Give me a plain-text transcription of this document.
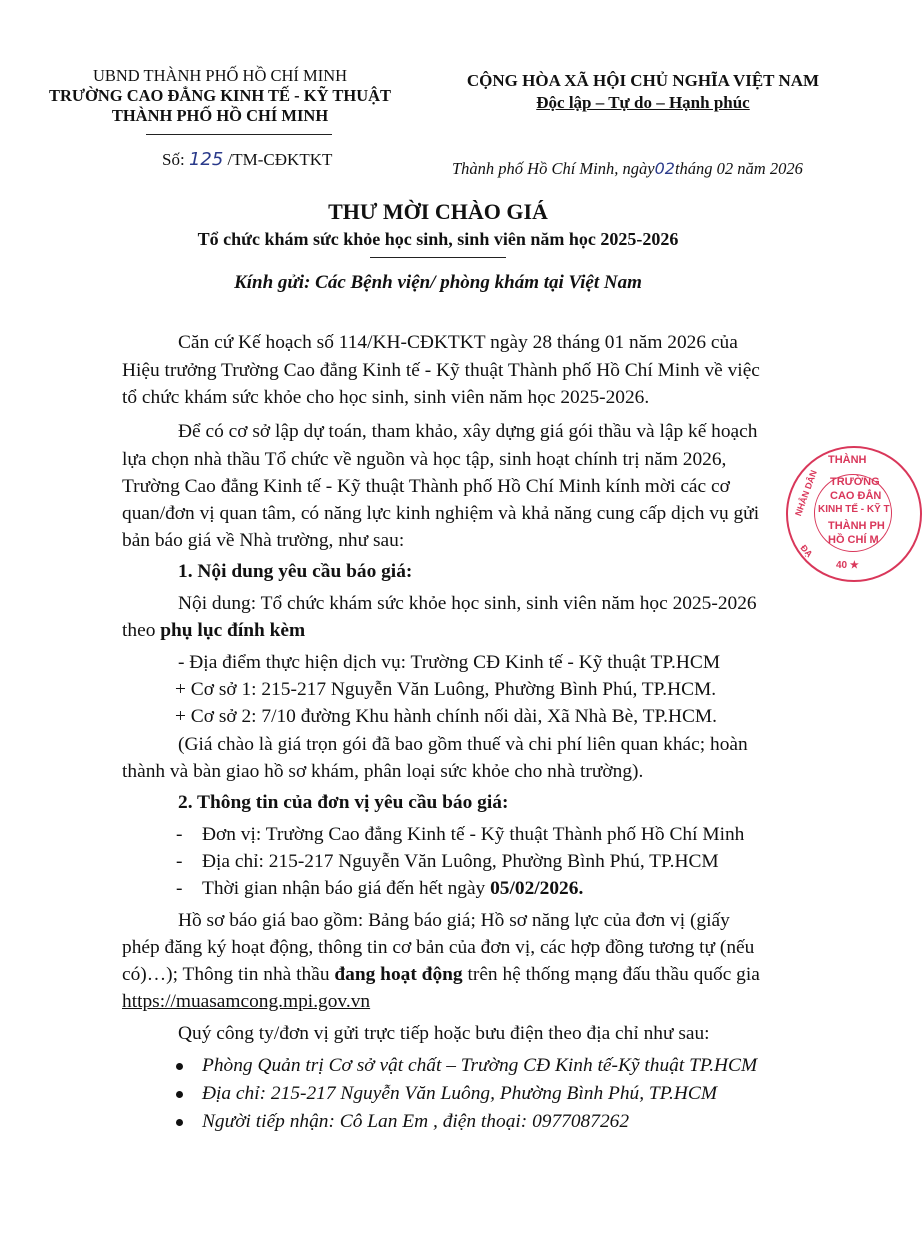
UBND THÀNH PHỐ HỒ CHÍ MINH
TRƯỜNG CAO ĐẲNG KINH TẾ - KỸ THUẬT
THÀNH PHỐ HỒ CHÍ MINH
CỘNG HÒA XÃ HỘI CHỦ NGHĨA VIỆT NAM
Độc lập – Tự do – Hạnh phúc
Số: 125 /TM-CĐKTKT	Thành phố Hồ Chí Minh, ngày02tháng 02 năm 2026
THƯ MỜI CHÀO GIÁ
Tổ chức khám sức khỏe học sinh, sinh viên năm học 2025-2026
Kính gửi: Các Bệnh viện/ phòng khám tại Việt Nam
Căn cứ Kế hoạch số 114/KH-CĐKTKT ngày 28 tháng 01 năm 2026 của
Hiệu trưởng Trường Cao đẳng Kinh tế - Kỹ thuật Thành phố Hồ Chí Minh về việc
tổ chức khám sức khỏe cho học sinh, sinh viên năm học 2025-2026.
Để có cơ sở lập dự toán, tham khảo, xây dựng giá gói thầu và lập kế hoạch
lựa chọn nhà thầu Tổ chức về nguồn và học tập, sinh hoạt chính trị năm 2026,
Trường Cao đẳng Kinh tế - Kỹ thuật Thành phố Hồ Chí Minh kính mời các cơ
quan/đơn vị quan tâm, có năng lực kinh nghiệm và khả năng cung cấp dịch vụ gửi
bản báo giá về Nhà trường, như sau:
1. Nội dung yêu cầu báo giá:
Nội dung: Tổ chức khám sức khỏe học sinh, sinh viên năm học 2025-2026
theo phụ lục đính kèm
- Địa điểm thực hiện dịch vụ: Trường CĐ Kinh tế - Kỹ thuật TP.HCM
+ Cơ sở 1: 215-217 Nguyễn Văn Luông, Phường Bình Phú, TP.HCM.
+ Cơ sở 2: 7/10 đường Khu hành chính nối dài, Xã Nhà Bè, TP.HCM.
(Giá chào là giá trọn gói đã bao gồm thuế và chi phí liên quan khác; hoàn
thành và bàn giao hồ sơ khám, phân loại sức khỏe cho nhà trường).
2. Thông tin của đơn vị yêu cầu báo giá:
- Đơn vị: Trường Cao đẳng Kinh tế - Kỹ thuật Thành phố Hồ Chí Minh
- Địa chỉ: 215-217 Nguyễn Văn Luông, Phường Bình Phú, TP.HCM
- Thời gian nhận báo giá đến hết ngày 05/02/2026.
Hồ sơ báo giá bao gồm: Bảng báo giá; Hồ sơ năng lực của đơn vị (giấy
phép đăng ký hoạt động, thông tin cơ bản của đơn vị, các hợp đồng tương tự (nếu
có)…); Thông tin nhà thầu đang hoạt động trên hệ thống mạng đấu thầu quốc gia
https://muasamcong.mpi.gov.vn
Quý công ty/đơn vị gửi trực tiếp hoặc bưu điện theo địa chỉ như sau:
Phòng Quản trị Cơ sở vật chất – Trường CĐ Kinh tế-Kỹ thuật TP.HCM
Địa chỉ: 215-217 Nguyễn Văn Luông, Phường Bình Phú, TP.HCM
Người tiếp nhận: Cô Lan Em , điện thoại: 0977087262
THÀNH
TRƯỜNG
CAO ĐẲN
KINH TẾ - KỸ T
THÀNH PH
HỒ CHÍ M
NHÂN DÂN
ĐẠ
40 ★
